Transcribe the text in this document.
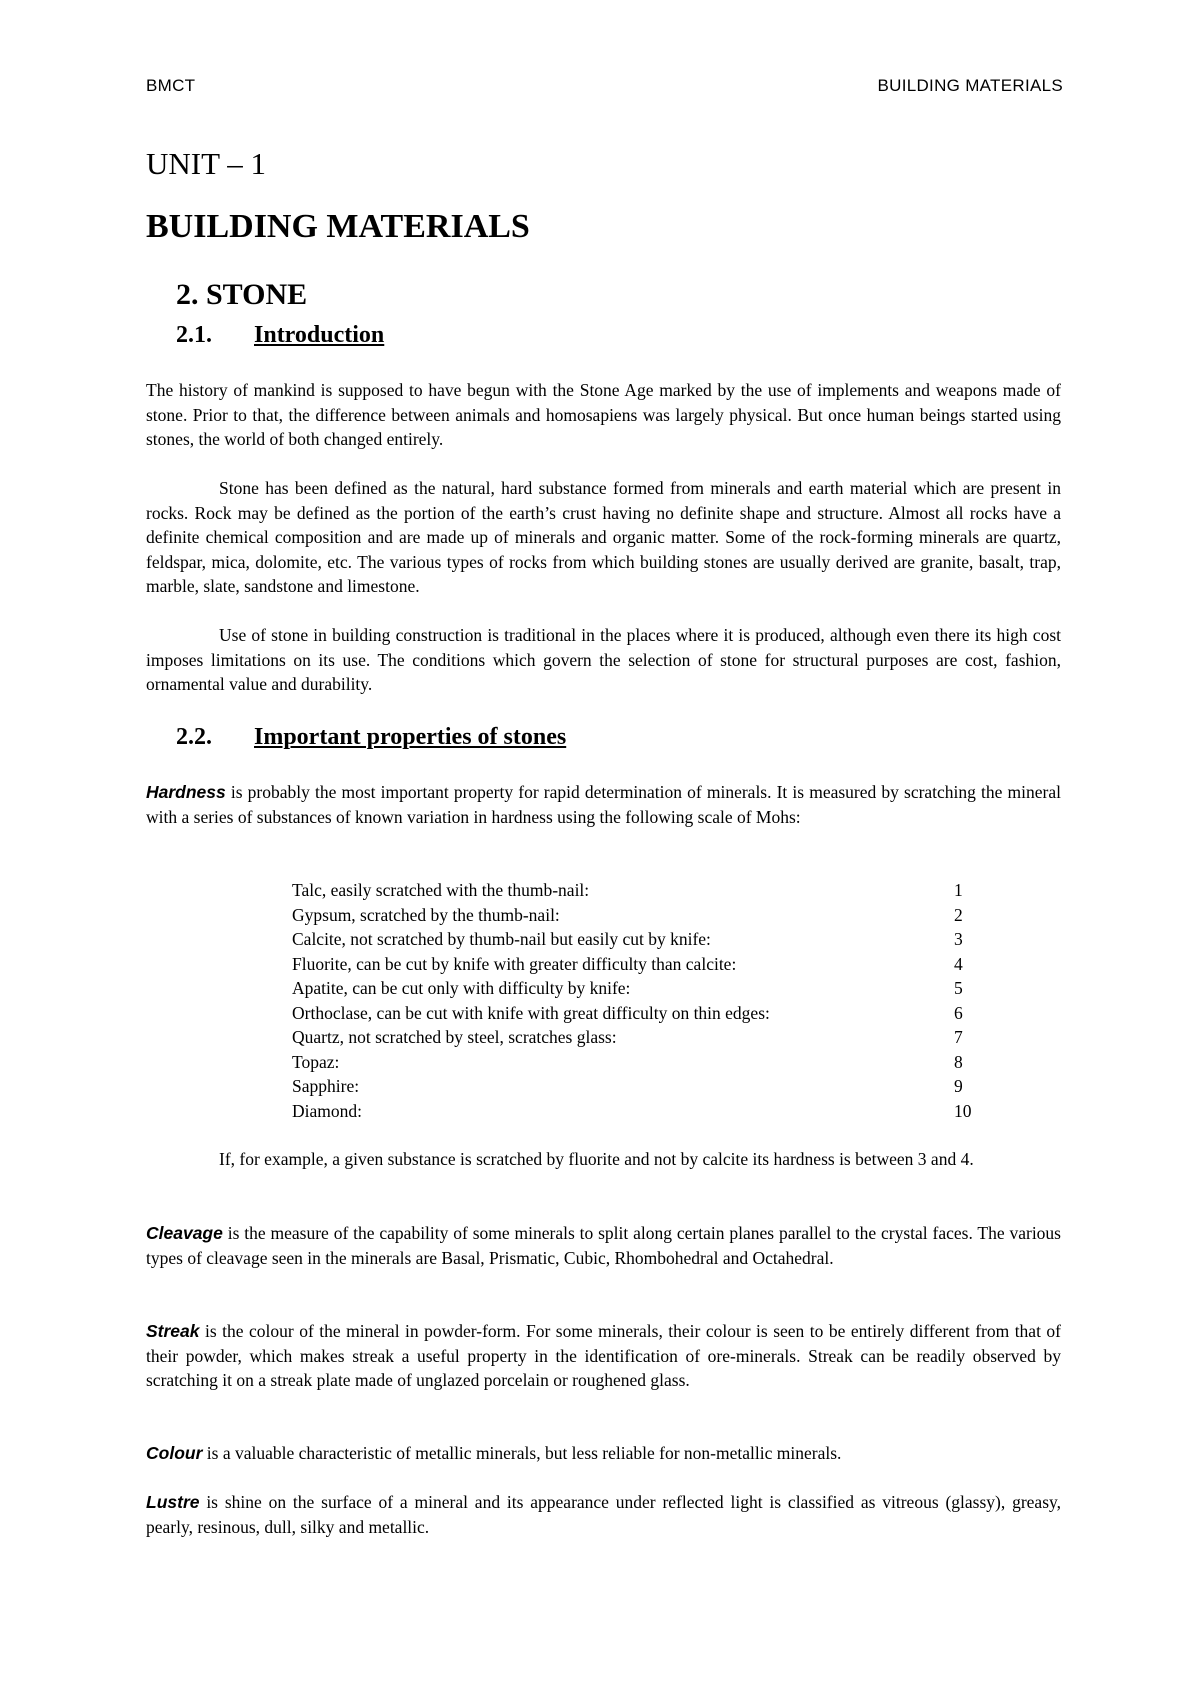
BMCT	BUILDING MATERIALS
UNIT – 1
BUILDING MATERIALS
2. STONE
2.1. Introduction

The history of mankind is supposed to have begun with the Stone Age marked by the use of implements and weapons made of stone. Prior to that, the difference between animals and homosapiens was largely physical. But once human beings started using stones, the world of both changed entirely.

Stone has been defined as the natural, hard substance formed from minerals and earth material which are present in rocks. Rock may be defined as the portion of the earth’s crust having no definite shape and structure. Almost all rocks have a definite chemical composition and are made up of minerals and organic matter. Some of the rock-forming minerals are quartz, feldspar, mica, dolomite, etc. The various types of rocks from which building stones are usually derived are granite, basalt, trap, marble, slate, sandstone and limestone.

Use of stone in building construction is traditional in the places where it is produced, although even there its high cost imposes limitations on its use. The conditions which govern the selection of stone for structural purposes are cost, fashion, ornamental value and durability.

2.2. Important properties of stones

Hardness is probably the most important property for rapid determination of minerals. It is measured by scratching the mineral with a series of substances of known variation in hardness using the following scale of Mohs:

Talc, easily scratched with the thumb-nail:	1
Gypsum, scratched by the thumb-nail:	2
Calcite, not scratched by thumb-nail but easily cut by knife:	3
Fluorite, can be cut by knife with greater difficulty than calcite:	4
Apatite, can be cut only with difficulty by knife:	5
Orthoclase, can be cut with knife with great difficulty on thin edges:	6
Quartz, not scratched by steel, scratches glass:	7
Topaz:	8
Sapphire:	9
Diamond:	10

If, for example, a given substance is scratched by fluorite and not by calcite its hardness is between 3 and 4.

Cleavage is the measure of the capability of some minerals to split along certain planes parallel to the crystal faces. The various types of cleavage seen in the minerals are Basal, Prismatic, Cubic, Rhombohedral and Octahedral.

Streak is the colour of the mineral in powder-form. For some minerals, their colour is seen to be entirely different from that of their powder, which makes streak a useful property in the identification of ore-minerals. Streak can be readily observed by scratching it on a streak plate made of unglazed porcelain or roughened glass.

Colour is a valuable characteristic of metallic minerals, but less reliable for non-metallic minerals.

Lustre is shine on the surface of a mineral and its appearance under reflected light is classified as vitreous (glassy), greasy, pearly, resinous, dull, silky and metallic.
